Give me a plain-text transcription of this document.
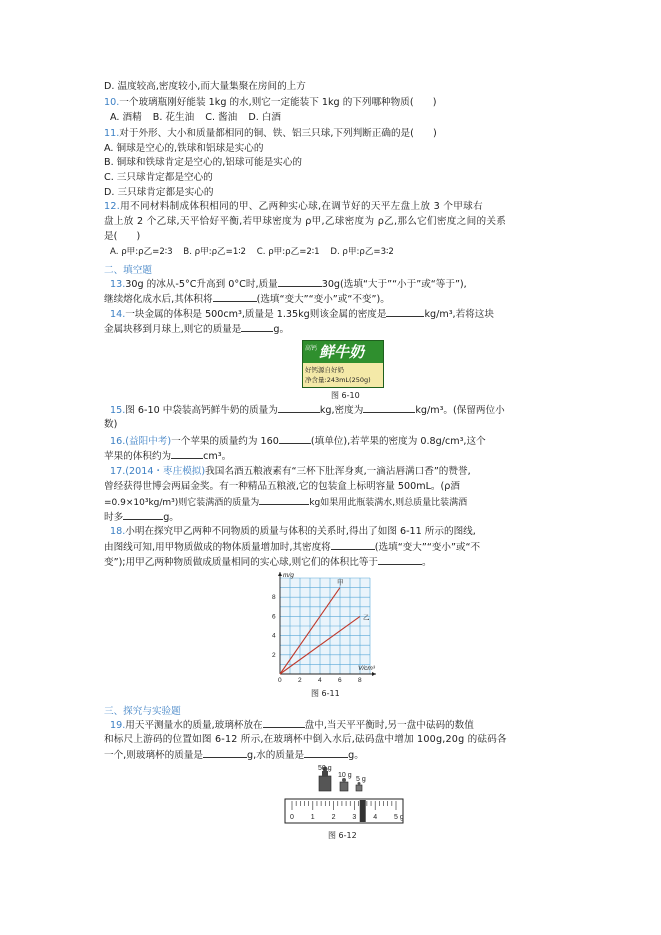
D. 温度较高,密度较小,而大量集聚在房间的上方
10.一个玻璃瓶刚好能装 1kg 的水,则它一定能装下 1kg 的下列哪种物质(　　)
A. 酒精 B. 花生油 C. 酱油 D. 白酒
11.对于外形、大小和质量都相同的铜、铁、铝三只球,下列判断正确的是(　　)
A. 铜球是空心的,铁球和铝球是实心的
B. 铜球和铁球肯定是空心的,铝球可能是实心的
C. 三只球肯定都是空心的
D. 三只球肯定都是实心的
12.用不同材料制成体积相同的甲、乙两种实心球,在调节好的天平左盘上放 3 个甲球右
盘上放 2 个乙球,天平恰好平衡,若甲球密度为 ρ甲,乙球密度为 ρ乙,那么它们密度之间的关系
是(　　)
A. ρ甲:ρ乙=2∶3 B. ρ甲:ρ乙=1∶2 C. ρ甲:ρ乙=2∶1 D. ρ甲:ρ乙=3∶2
二、填空题
13.30g 的冰从-5°C升高到 0°C时,质量	30g(选填“大于”“小于”或“等于”),
继续熔化成水后,其体积将	(选填“变大”“变小”或“不变”)。
14.一块金属的体积是 500cm³,质量是 1.35kg则该金属的密度是	kg/m³,若将这块
金属块移到月球上,则它的质量是	g。
高钙 鲜牛奶
好钙源自好奶
净含量:243mL(250g)
图 6-10
15.图 6-10 中袋装高钙鲜牛奶的质量为	kg,密度为	kg/m³。(保留两位小
数)
16.(益阳中考)一个苹果的质量约为 160	(填单位),若苹果的密度为 0.8g/cm³,这个
苹果的体积约为	cm³。
17.(2014・枣庄模拟)我国名酒五粮液素有“三杯下肚浑身爽,一滴沾唇满口香”的赞誉,
曾经获得世博会两届金奖。有一种精品五粮液,它的包装盒上标明容量 500mL。(ρ酒
=0.9×10³kg/m³)则它装满酒的质量为	kg如果用此瓶装满水,则总质量比装满酒
时多	g。
18.小明在探究甲乙两种不同物质的质量与体积的关系时,得出了如图 6-11 所示的图线,
由图线可知,用甲物质做成的物体质量增加时,其密度将	(选填“变大”“变小”或“不
变”);用甲乙两种物质做成质量相同的实心球,则它们的体积比等于	。
0	2	4	6	8
2
4
6
8
V/cm³
m/g
甲
乙
图 6-11
三、探究与实验题
19.用天平测量水的质量,玻璃杯放在	盘中,当天平平衡时,另一盘中砝码的数值
和标尺上游码的位置如图 6-12 所示,在玻璃杯中倒入水后,砝码盘中增加 100g,20g 的砝码各
一个,则玻璃杯的质量是	g,水的质量是	g。
50 g
10 g
5 g
0 1 2 3 4 5 g
图 6-12
